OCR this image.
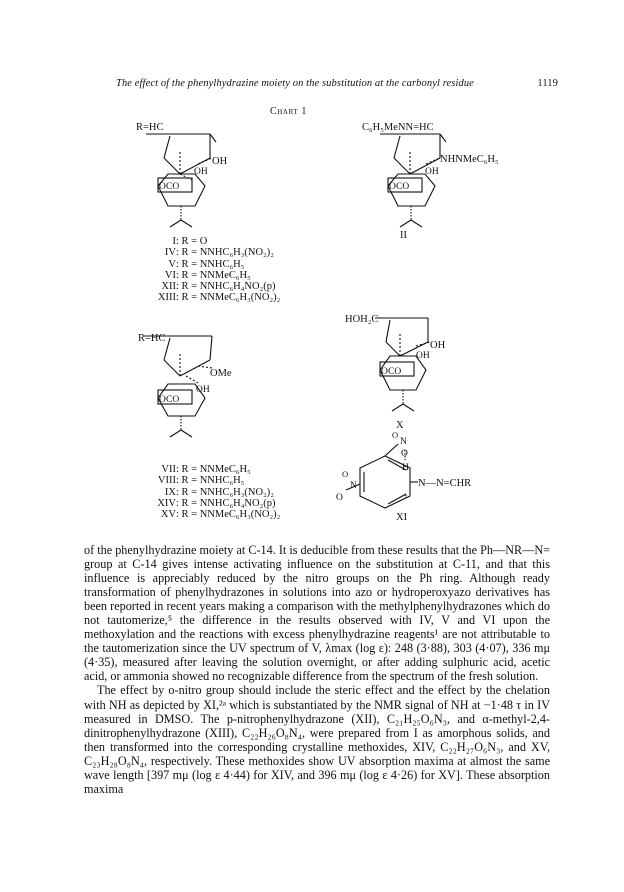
The effect of the phenylhydrazine moiety on the substitution at the carbonyl residue	1119
Chart 1
R=HC
OH
OH
CO
O
C₆H₅MeNN=HC
NHNMeC₆H₅
OH
CO
O
II
R=HC
OMe
OH
CO
O
HOH₂C
OH
OH
CO
O
X
N
O
O
H
O
N
O
N—N=CHR
+
XI
I: R = O
IV: R = NNHC₆H₃(NO₂)₂
V: R = NNHC₆H₅
VI: R = NNMeC₆H₅
XII: R = NNHC₆H₄NO₂(p)
XIII: R = NNMeC₆H₃(NO₂)₂
VII: R = NNMeC₆H₅
VIII: R = NNHC₆H₅
IX: R = NNHC₆H₃(NO₂)₂
XIV: R = NNHC₆H₄NO₂(p)
XV: R = NNMeC₆H₃(NO₂)₂

of the phenylhydrazine moiety at C-14. It is deducible from these results that the Ph—NR—N= group at C-14 gives intense activating influence on the substitution at C-11, and that this influence is appreciably reduced by the nitro groups on the Ph ring. Although ready transformation of phenylhydrazones in solutions into azo or hydroperoxyazo derivatives has been reported in recent years making a comparison with the methylphenylhydrazones which do not tautomerize,⁵ the difference in the results observed with IV, V and VI upon the methoxylation and the reactions with excess phenylhydrazine reagents¹ are not attributable to the tautomerization since the UV spectrum of V, λmax (log ε): 248 (3·88), 303 (4·07), 336 mμ (4·35), measured after leaving the solution overnight, or after adding sulphuric acid, acetic acid, or ammonia showed no recognizable difference from the spectrum of the fresh solution.

The effect by o-nitro group should include the steric effect and the effect by the chelation with NH as depicted by XI,²ᵃ which is substantiated by the NMR signal of NH at −1·48 τ in IV measured in DMSO. The p-nitrophenylhydrazone (XII), C₂₁H₂₅O₆N₃, and α-methyl-2,4-dinitrophenylhydrazone (XIII), C₂₂H₂₆O₈N₄, were prepared from I as amorphous solids, and then transformed into the corresponding crystalline methoxides, XIV, C₂₂H₂₇O₆N₃, and XV, C₂₃H₂₈O₈N₄, respectively. These methoxides show UV absorption maxima at almost the same wave length [397 mμ (log ε 4·44) for XIV, and 396 mμ (log ε 4·26) for XV]. These absorption maxima
